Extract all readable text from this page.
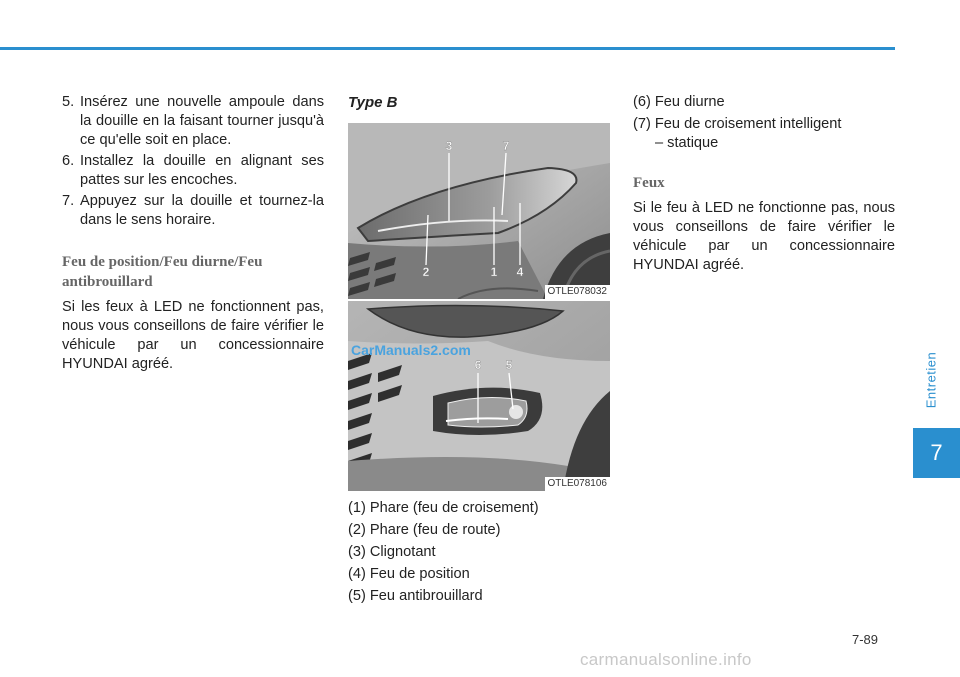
5. Insérez une nouvelle ampoule dans la douille en la faisant tourner jusqu'à ce qu'elle soit en place.
6. Installez la douille en alignant ses pattes sur les encoches.
7. Appuyez sur la douille et tournez-la dans le sens horaire.
Feu de position/Feu diurne/Feu
antibrouillard
Si les feux à LED ne fonctionnent pas, nous vous conseillons de faire vérifier le véhicule par un concessionnaire HYUNDAI agréé.
Type B
3	7
2	1 4
OTLE078032
6 5
OTLE078106
(1) Phare (feu de croisement)
(2) Phare (feu de route)
(3) Clignotant
(4) Feu de position
(5) Feu antibrouillard
(6) Feu diurne
(7) Feu de croisement intelligent
– statique
Feux
Si le feu à LED ne fonctionne pas, nous vous conseillons de faire vérifier le véhicule par un concessionnaire HYUNDAI agréé.
CarManuals2.com
Entretien
7
7-89
carmanualsonline.info
